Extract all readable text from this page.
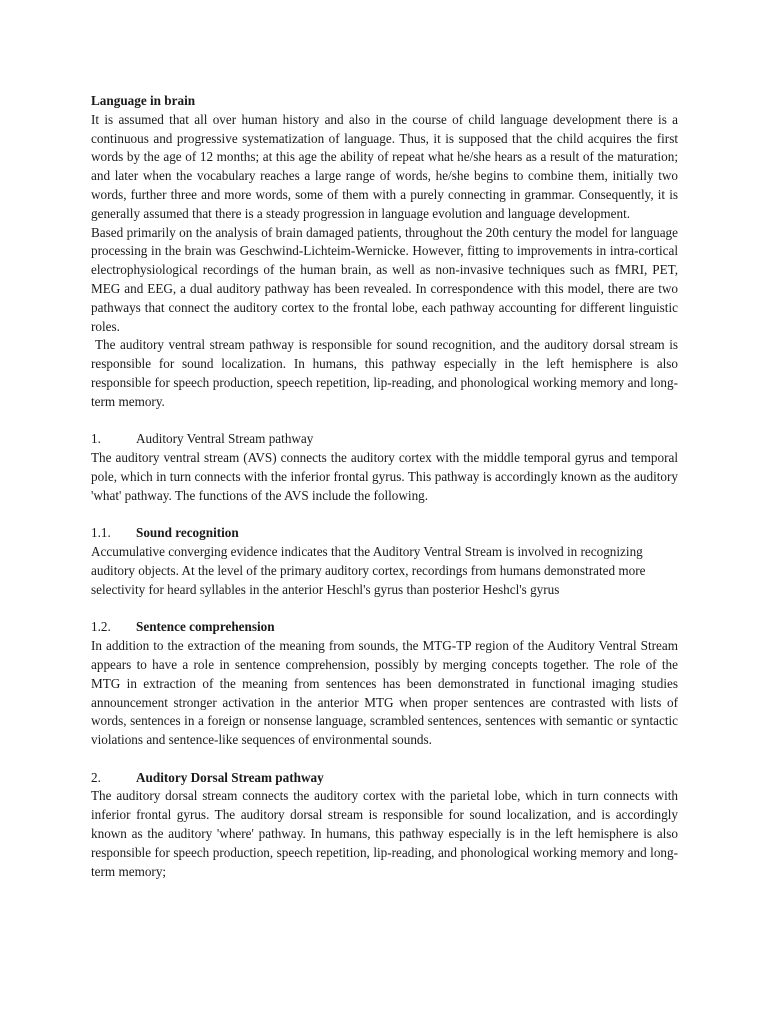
Language in brain

It is assumed that all over human history and also in the course of child language development there is a continuous and progressive systematization of language. Thus, it is supposed that the child acquires the first words by the age of 12 months; at this age the ability of repeat what he/she hears as a result of the maturation; and later when the vocabulary reaches a large range of words, he/she begins to combine them, initially two words, further three and more words, some of them with a purely connecting in grammar. Consequently, it is generally assumed that there is a steady progression in language evolution and language development.

Based primarily on the analysis of brain damaged patients, throughout the 20th century the model for language processing in the brain was Geschwind-Lichteim-Wernicke. However, fitting to improvements in intra-cortical electrophysiological recordings of the human brain, as well as non-invasive techniques such as fMRI, PET, MEG and EEG, a dual auditory pathway has been revealed. In correspondence with this model, there are two pathways that connect the auditory cortex to the frontal lobe, each pathway accounting for different linguistic roles.

The auditory ventral stream pathway is responsible for sound recognition, and the auditory dorsal stream is responsible for sound localization. In humans, this pathway especially in the left hemisphere is also responsible for speech production, speech repetition, lip-reading, and phonological working memory and long-term memory.

1.	Auditory Ventral Stream pathway

The auditory ventral stream (AVS) connects the auditory cortex with the middle temporal gyrus and temporal pole, which in turn connects with the inferior frontal gyrus. This pathway is accordingly known as the auditory 'what' pathway. The functions of the AVS include the following.

1.1.	Sound recognition

Accumulative converging evidence indicates that the Auditory Ventral Stream is involved in recognizing auditory objects. At the level of the primary auditory cortex, recordings from humans demonstrated more selectivity for heard syllables in the anterior Heschl's gyrus than posterior Heshcl's gyrus

1.2.	Sentence comprehension

In addition to the extraction of the meaning from sounds, the MTG-TP region of the Auditory Ventral Stream appears to have a role in sentence comprehension, possibly by merging concepts together. The role of the MTG in extraction of the meaning from sentences has been demonstrated in functional imaging studies announcement stronger activation in the anterior MTG when proper sentences are contrasted with lists of words, sentences in a foreign or nonsense language, scrambled sentences, sentences with semantic or syntactic violations and sentence-like sequences of environmental sounds.

2.	Auditory Dorsal Stream pathway

The auditory dorsal stream connects the auditory cortex with the parietal lobe, which in turn connects with inferior frontal gyrus. The auditory dorsal stream is responsible for sound localization, and is accordingly known as the auditory 'where' pathway. In humans, this pathway especially is in the left hemisphere is also responsible for speech production, speech repetition, lip-reading, and phonological working memory and long-term memory;
